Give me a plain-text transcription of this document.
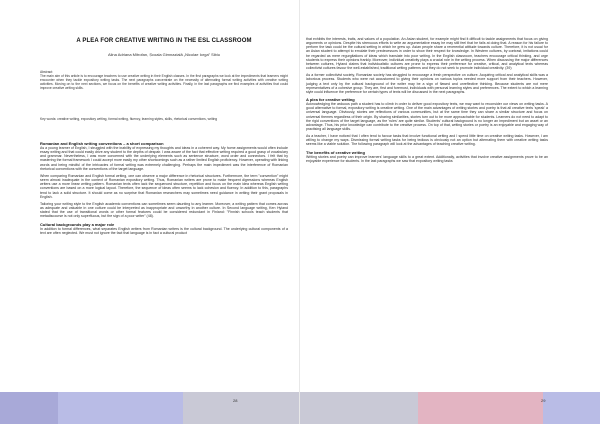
A PLEA FOR CREATIVE WRITING IN THE ESL CLASSROOM
Alina Adriana Mitrofan, Școala Gimnazială „Nicolae Iorga” Sibiu
Abstract:
The main aim of this article is to encourage teachers to use creative writing in their English classes. In the first paragraphs we look at the impediments that learners might encounter when they tackle expository writing tasks. The next paragraphs concentrate on the necessity of alternating formal writing activities with creative writing activities. Moving on to the next sections, we focus on the benefits of creative writing activities. Finally, in the last paragraphs we find examples of activities that could improve creative writing skills.
Key words: creative writing, expository writing, formal writing, fluency, learning styles, skills, rhetorical conventions, writing
Romanian and English writing conventions – a short comparison
As a young learner of English, I struggled with the inability of expressing my thoughts and ideas in a coherent way. My home assignments would often include essay writing and that could easily drive any student to the depths of despair. I was aware of the fact that effective writing required a good grasp of vocabulary and grammar. Nevertheless, I was more concerned with the underlying elements such as sentence structure, word order and connectors. I felt that by mastering the formal framework I could accept more easily my other shortcomings such as a rather limited English proficiency. However, operating with linking words and being mindful of the intricacies of formal writing was extremely challenging. Perhaps the main impediment was the interference of Romanian rhetorical conventions with the conventions of the target language.
When comparing Romanian and English formal writing, one can observe a major difference in rhetorical structures. Furthermore, the term "convention" might seem almost inadequate in the context of Romanian expository writing. Thus, Romanian writers are prone to make frequent digressions whereas English writers use a more linear writing pattern. Romanian texts often lack the sequenced structure, repetition and focus on the main idea whereas English writing conventions are based on a more logical layout. Therefore, the sequence of ideas often seems to lack cohesion and fluency. In addition to this, paragraphs tend to lack a solid structure. It should come as no surprise that Romanian researchers may sometimes need guidance in writing their grant proposals in English.
Tailoring your writing style to the English academic conventions can sometimes seem daunting to any learner. Moreover, a writing pattern that comes across as adequate and valuable in one culture could be interpreted as inappropriate and unworthy in another culture. In Second language writing, Ken Hyland stated that the use of transitional words or other formal features could be considered redundant in Finland: "Finnish schools teach students that metadiscourse is not only superfluous, but the sign of a poor writer" (48).
Cultural backgrounds play a major role
In addition to formal differences, what separates English writers from Romanian writers is the cultural background. The underlying cultural components of a text are often neglected. We must not ignore the fact that language is in fact a cultural product
that exhibits the interests, traits, and values of a population. An Asian student, for example might find it difficult to tackle assignments that focus on giving arguments or opinions. Despite his strenuous efforts to write an argumentative essay he may still feel that he fails at doing that. A reason for his failure to perform the task could be the cultural setting in which he grew up. Asian people share a reverential attitude towards culture. Therefore, it is not usual for an Asian student to attempt to emulate their predecessors in order to show their respect for knowledge. In Western cultures, by contrast, imitations could be regarded as mere regurgitations of ideas which translate into poor writing. In the English classroom, teachers encourage critical thinking, and urge students to express their opinions frankly. Moreover, individual creativity plays a crucial role in the writing process. When discussing the major differences between cultures, Hyland claims that individualistic cultures are prone to express their preference for creative, critical, and analytical texts whereas collectivist cultures favour the well-established, traditional writing patterns and they do not seek to promote individual creativity. (39)
As a former collectivist society, Romanian society has struggled to encourage a fresh perspective on culture. Acquiring critical and analytical skills was a laborious process. Students who were not accustomed to giving their opinions on various topics needed more support from their teachers. However, judging a text only by the cultural background of the writer may be a sign of flawed and unreflective thinking. Because students are not mere representatives of a cohesive group. They are, first and foremost, individuals with personal learning styles and preferences. The extent to which a learning style could influence the preference for certain types of texts will be discussed in the next paragraphs.
A plea for creative writing
Acknowledging the arduous path a student has to climb in order to deliver good expository texts, we may want to reconsider our views on writing tasks. A good alternative to formal, expository writing is creative writing. One of the main advantages of writing stories and poetry is that all creative texts 'speak' a universal language. Obviously, stories are reflections of various communities, but at the same time they can share a similar structure and focus on universal themes regardless of their origin. By sharing similarities, stories turn out to be more approachable for students. Learners do not need to adapt to the rigid conventions of the target language, as the 'rules' are quite similar. Students' cultural background is no longer an impediment but an asset or an advantage. Thus, his prior knowledge can contribute to the creative process. On top of that, writing stories or poetry is an enjoyable and engaging way of practising all language skills.
As a teacher, I have noticed that I often tend to favour tasks that involve functional writing and I spend little time on creative writing tasks. However, I am willing to change my ways. Dismissing formal writing tasks for being tedious is obviously not an option but alternating them with creative writing tasks seems like a viable solution. The following paragraph will look at the advantages of teaching creative writing.
The benefits of creative writing
Writing stories and poetry can improve learners' language skills to a great extent. Additionally, activities that involve creative assignments prove to be an enjoyable experience for students. In the last paragraphs we saw that expository writing tasks
28	29
